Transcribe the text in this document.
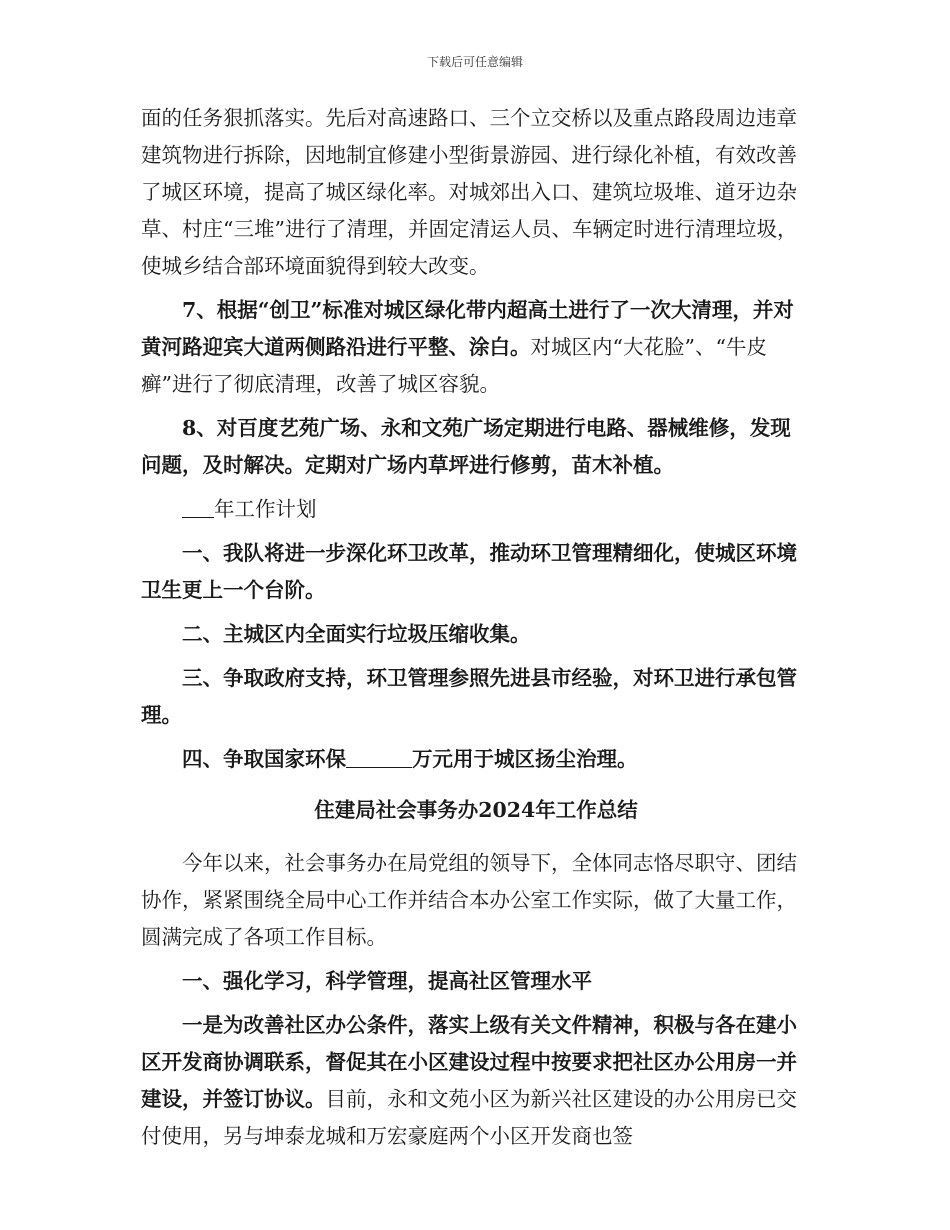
下载后可任意编辑

面的任务狠抓落实。先后对高速路口、三个立交桥以及重点路段周边违章建筑物进行拆除，因地制宜修建小型街景游园、进行绿化补植，有效改善了城区环境，提高了城区绿化率。对城郊出入口、建筑垃圾堆、道牙边杂草、村庄“三堆”进行了清理，并固定清运人员、车辆定时进行清理垃圾，使城乡结合部环境面貌得到较大改变。

7、根据“创卫”标准对城区绿化带内超高土进行了一次大清理，并对黄河路迎宾大道两侧路沿进行平整、涂白。对城区内“大花脸”、“牛皮癣”进行了彻底清理，改善了城区容貌。

8、对百度艺苑广场、永和文苑广场定期进行电路、器械维修，发现问题，及时解决。定期对广场内草坪进行修剪，苗木补植。

年工作计划

一、我队将进一步深化环卫改革，推动环卫管理精细化，使城区环境卫生更上一个台阶。

二、主城区内全面实行垃圾压缩收集。

三、争取政府支持，环卫管理参照先进县市经验，对环卫进行承包管理。

四、争取国家环保	万元用于城区扬尘治理。

住建局社会事务办2024年工作总结

今年以来，社会事务办在局党组的领导下，全体同志恪尽职守、团结协作，紧紧围绕全局中心工作并结合本办公室工作实际，做了大量工作，圆满完成了各项工作目标。

一、强化学习，科学管理，提高社区管理水平

一是为改善社区办公条件，落实上级有关文件精神，积极与各在建小区开发商协调联系，督促其在小区建设过程中按要求把社区办公用房一并建设，并签订协议。目前，永和文苑小区为新兴社区建设的办公用房已交付使用，另与坤泰龙城和万宏豪庭两个小区开发商也签
